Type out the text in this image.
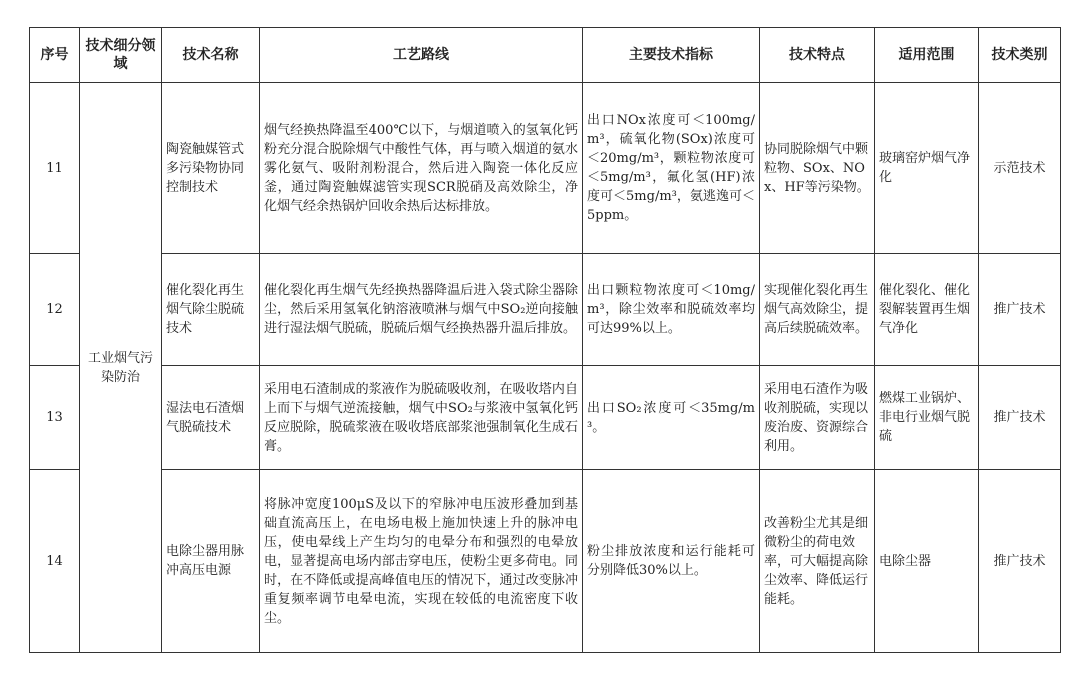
序号	技术细分领域	技术名称	工艺路线	主要技术指标	技术特点	适用范围	技术类别
11	工业烟气污染防治	陶瓷触媒管式多污染物协同控制技术	烟气经换热降温至400℃以下，与烟道喷入的氢氧化钙粉充分混合脱除烟气中酸性气体，再与喷入烟道的氨水雾化氨气、吸附剂粉混合，然后进入陶瓷一体化反应釜，通过陶瓷触媒滤管实现SCR脱硝及高效除尘，净化烟气经余热锅炉回收余热后达标排放。	出口NOx浓度可＜100mg/m³，硫氧化物(SOx)浓度可＜20mg/m³，颗粒物浓度可＜5mg/m³，氟化氢(HF)浓度可＜5mg/m³，氨逃逸可＜5ppm。	协同脱除烟气中颗粒物、SOx、NOx、HF等污染物。	玻璃窑炉烟气净化	示范技术
12		催化裂化再生烟气除尘脱硫技术	催化裂化再生烟气先经换热器降温后进入袋式除尘器除尘，然后采用氢氧化钠溶液喷淋与烟气中SO₂逆向接触进行湿法烟气脱硫，脱硫后烟气经换热器升温后排放。	出口颗粒物浓度可＜10mg/m³，除尘效率和脱硫效率均可达99%以上。	实现催化裂化再生烟气高效除尘，提高后续脱硫效率。	催化裂化、催化裂解装置再生烟气净化	推广技术
13		湿法电石渣烟气脱硫技术	采用电石渣制成的浆液作为脱硫吸收剂，在吸收塔内自上而下与烟气逆流接触，烟气中SO₂与浆液中氢氧化钙反应脱除，脱硫浆液在吸收塔底部浆池强制氧化生成石膏。	出口SO₂浓度可＜35mg/m³。	采用电石渣作为吸收剂脱硫，实现以废治废、资源综合利用。	燃煤工业锅炉、非电行业烟气脱硫	推广技术
14		电除尘器用脉冲高压电源	将脉冲宽度100μS及以下的窄脉冲电压波形叠加到基础直流高压上，在电场电极上施加快速上升的脉冲电压，使电晕线上产生均匀的电晕分布和强烈的电晕放电，显著提高电场内部击穿电压，使粉尘更多荷电。同时，在不降低或提高峰值电压的情况下，通过改变脉冲重复频率调节电晕电流，实现在较低的电流密度下收尘。	粉尘排放浓度和运行能耗可分别降低30%以上。	改善粉尘尤其是细微粉尘的荷电效率，可大幅提高除尘效率、降低运行能耗。	电除尘器	推广技术
